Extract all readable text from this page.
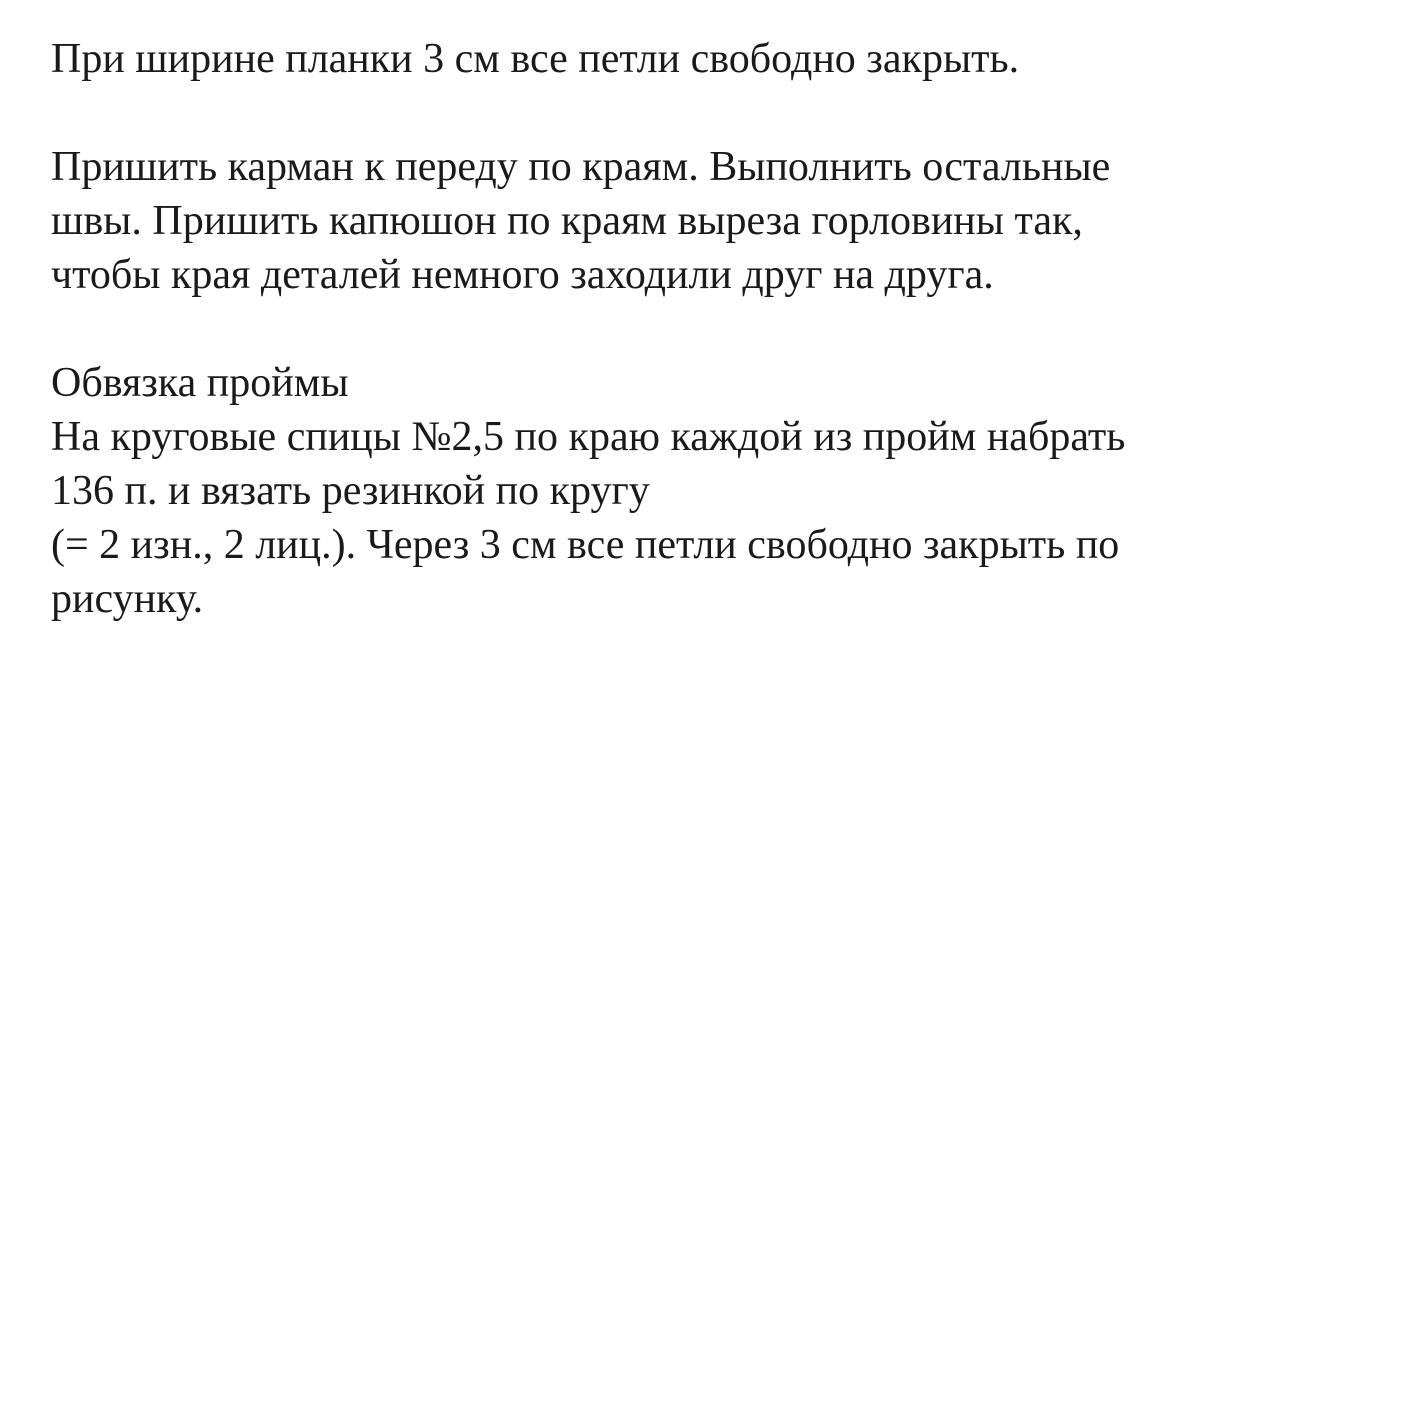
При ширине планки 3 см все петли свободно закрыть.
Пришить карман к переду по краям. Выполнить остальные
швы. Пришить капюшон по краям выреза горловины так,
чтобы края деталей немного заходили друг на друга.
Обвязка проймы
На круговые спицы №2,5 по краю каждой из пройм набрать
136 п. и вязать резинкой по кругу
(= 2 изн., 2 лиц.). Через 3 см все петли свободно закрыть по
рисунку.
